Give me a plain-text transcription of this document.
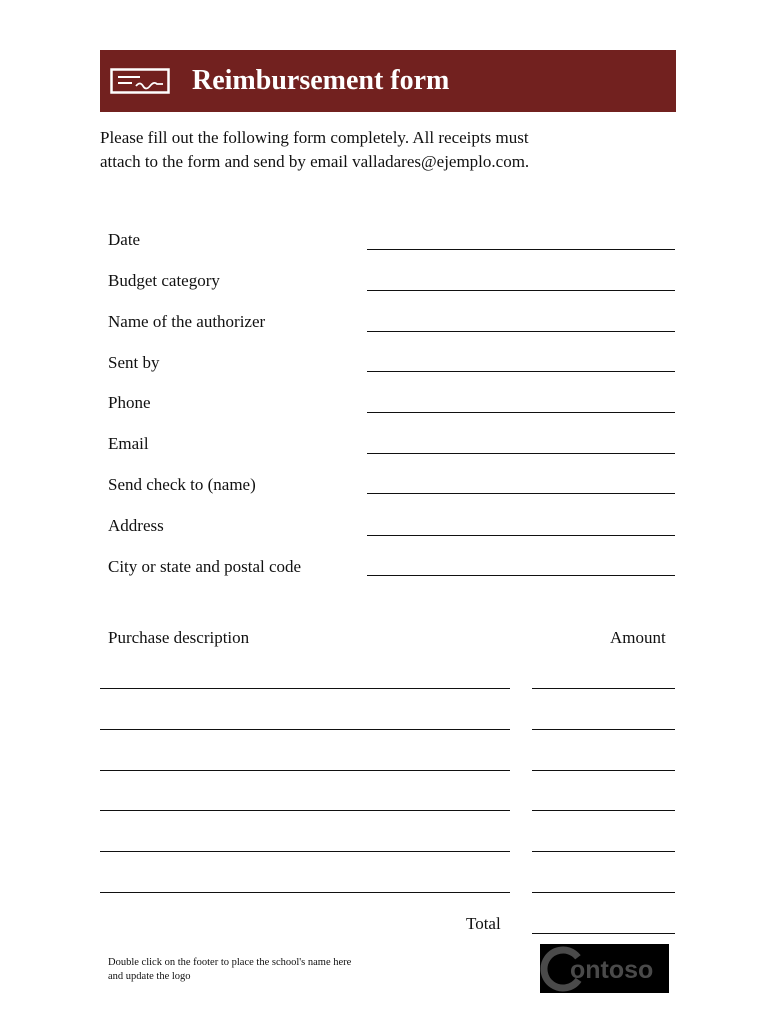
Reimbursement form
Please fill out the following form completely. All receipts must attach to the form and send by email valladares@ejemplo.com.
Date
Budget category
Name of the authorizer
Sent by
Phone
Email
Send check to (name)
Address
City or state and postal code
Purchase description	Amount
Total
Double click on the footer to place the school's name here and update the logo	ontoso
